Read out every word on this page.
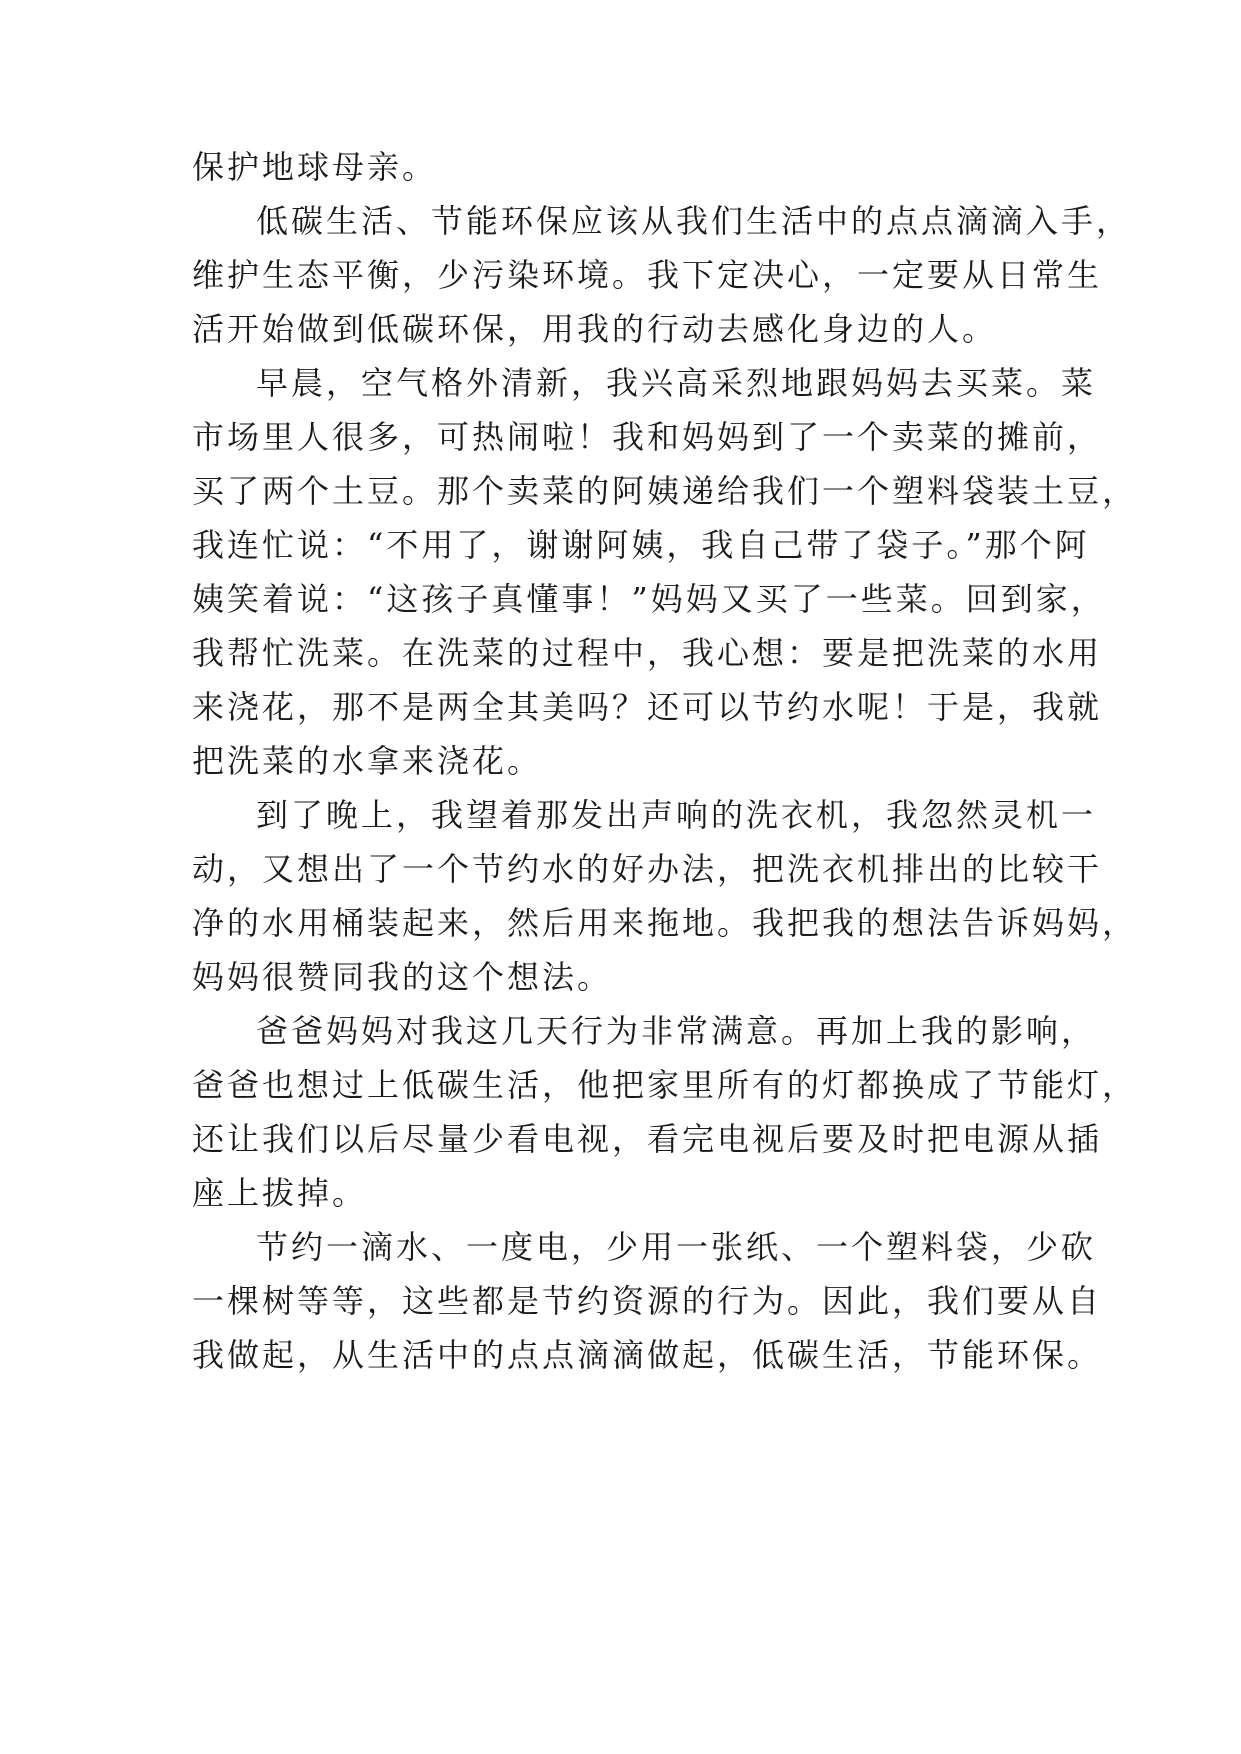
保护地球母亲。

低碳生活、节能环保应该从我们生活中的点点滴滴入手，

维护生态平衡，少污染环境。我下定决心，一定要从日常生

活开始做到低碳环保，用我的行动去感化身边的人。

早晨，空气格外清新，我兴高采烈地跟妈妈去买菜。菜

市场里人很多，可热闹啦！我和妈妈到了一个卖菜的摊前，

买了两个土豆。那个卖菜的阿姨递给我们一个塑料袋装土豆，

我连忙说：“不用了，谢谢阿姨，我自己带了袋子。”那个阿

姨笑着说：“这孩子真懂事！”妈妈又买了一些菜。回到家，

我帮忙洗菜。在洗菜的过程中，我心想：要是把洗菜的水用

来浇花，那不是两全其美吗？还可以节约水呢！于是，我就

把洗菜的水拿来浇花。

到了晚上，我望着那发出声响的洗衣机，我忽然灵机一

动，又想出了一个节约水的好办法，把洗衣机排出的比较干

净的水用桶装起来，然后用来拖地。我把我的想法告诉妈妈，

妈妈很赞同我的这个想法。

爸爸妈妈对我这几天行为非常满意。再加上我的影响，

爸爸也想过上低碳生活，他把家里所有的灯都换成了节能灯，

还让我们以后尽量少看电视，看完电视后要及时把电源从插

座上拔掉。

节约一滴水、一度电，少用一张纸、一个塑料袋，少砍

一棵树等等，这些都是节约资源的行为。因此，我们要从自

我做起，从生活中的点点滴滴做起，低碳生活，节能环保。
